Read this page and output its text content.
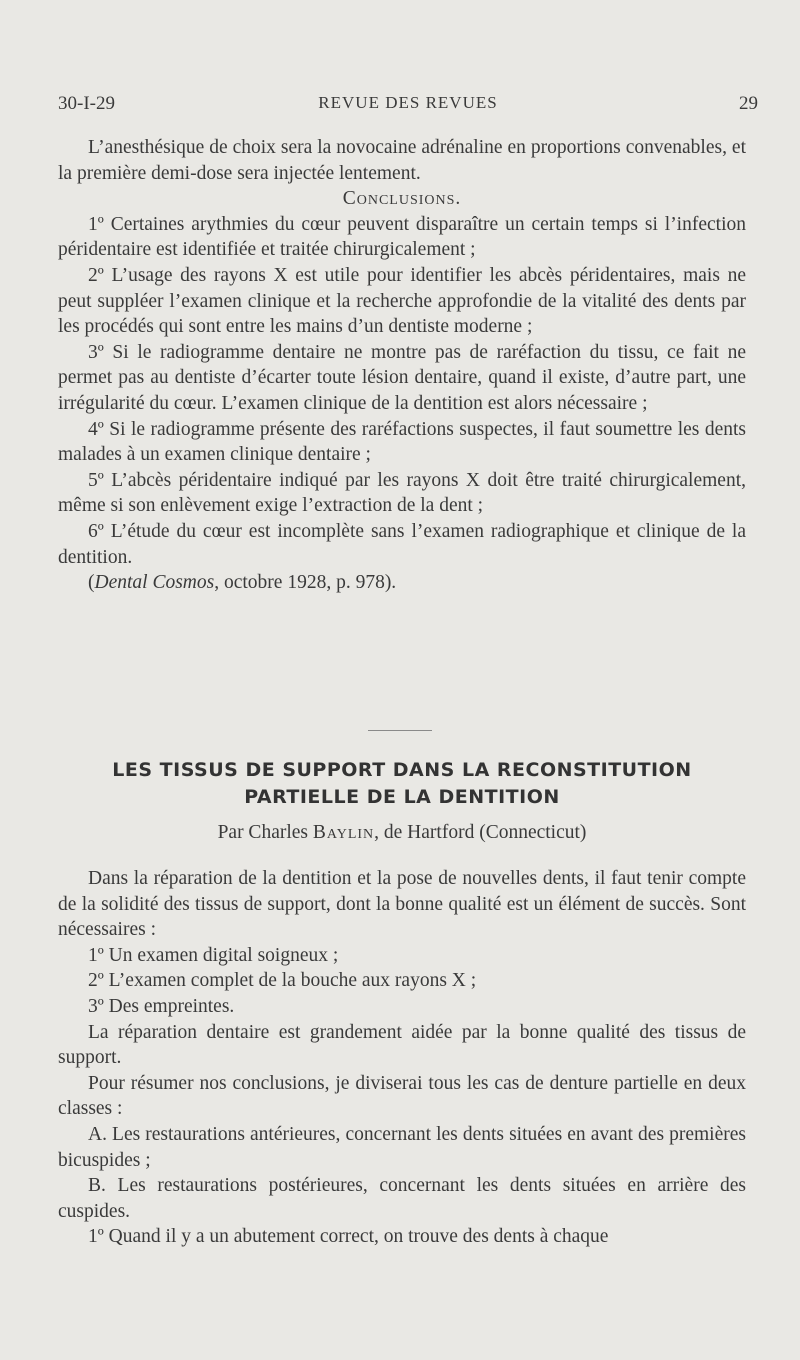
30-I-29	REVUE DES REVUES	29

L’anesthésique de choix sera la novocaine adrénaline en proportions convenables, et la première demi-dose sera injectée lentement.

Conclusions.

1º Certaines arythmies du cœur peuvent disparaître un certain temps si l’infection péridentaire est identifiée et traitée chirurgicalement ;

2º L’usage des rayons X est utile pour identifier les abcès péridentaires, mais ne peut suppléer l’examen clinique et la recherche approfondie de la vitalité des dents par les procédés qui sont entre les mains d’un dentiste moderne ;

3º Si le radiogramme dentaire ne montre pas de raréfaction du tissu, ce fait ne permet pas au dentiste d’écarter toute lésion dentaire, quand il existe, d’autre part, une irrégularité du cœur. L’examen clinique de la dentition est alors nécessaire ;

4º Si le radiogramme présente des raréfactions suspectes, il faut soumettre les dents malades à un examen clinique dentaire ;

5º L’abcès péridentaire indiqué par les rayons X doit être traité chirurgicalement, même si son enlèvement exige l’extraction de la dent ;

6º L’étude du cœur est incomplète sans l’examen radiographique et clinique de la dentition.

(Dental Cosmos, octobre 1928, p. 978).

LES TISSUS DE SUPPORT DANS LA RECONSTITUTION
PARTIELLE DE LA DENTITION
Par Charles Baylin, de Hartford (Connecticut)

Dans la réparation de la dentition et la pose de nouvelles dents, il faut tenir compte de la solidité des tissus de support, dont la bonne qualité est un élément de succès. Sont nécessaires :

1º Un examen digital soigneux ;

2º L’examen complet de la bouche aux rayons X ;

3º Des empreintes.

La réparation dentaire est grandement aidée par la bonne qualité des tissus de support.

Pour résumer nos conclusions, je diviserai tous les cas de denture partielle en deux classes :

A. Les restaurations antérieures, concernant les dents situées en avant des premières bicuspides ;

B. Les restaurations postérieures, concernant les dents situées en arrière des cuspides.

1º Quand il y a un abutement correct, on trouve des dents à chaque
